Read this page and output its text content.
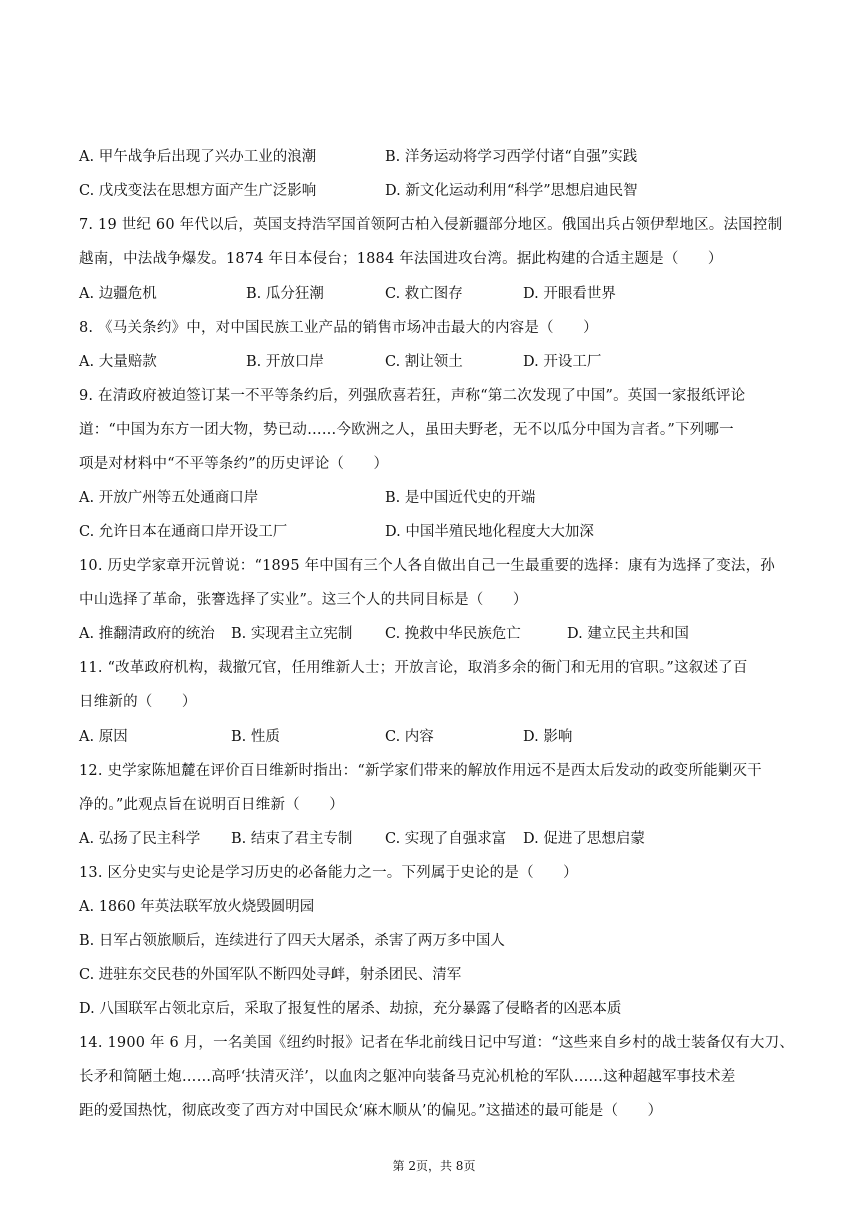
A. 甲午战争后出现了兴办工业的浪潮	B. 洋务运动将学习西学付诸“自强”实践
C. 戊戌变法在思想方面产生广泛影响	D. 新文化运动利用“科学”思想启迪民智
7. 19 世纪 60 年代以后，英国支持浩罕国首领阿古柏入侵新疆部分地区。俄国出兵占领伊犁地区。法国控制
越南，中法战争爆发。1874 年日本侵台；1884 年法国进攻台湾。据此构建的合适主题是（　　）
A. 边疆危机	B. 瓜分狂潮	C. 救亡图存	D. 开眼看世界
8. 《马关条约》中，对中国民族工业产品的销售市场冲击最大的内容是（　　）
A. 大量赔款	B. 开放口岸	C. 割让领土	D. 开设工厂
9. 在清政府被迫签订某一不平等条约后，列强欣喜若狂，声称“第二次发现了中国”。英国一家报纸评论
道：“中国为东方一团大物，势已动……今欧洲之人，虽田夫野老，无不以瓜分中国为言者。”下列哪一
项是对材料中“不平等条约”的历史评论（　　）
A. 开放广州等五处通商口岸	B. 是中国近代史的开端
C. 允许日本在通商口岸开设工厂	D. 中国半殖民地化程度大大加深
10. 历史学家章开沅曾说：“1895 年中国有三个人各自做出自己一生最重要的选择：康有为选择了变法，孙
中山选择了革命，张謇选择了实业”。这三个人的共同目标是（　　）
A. 推翻清政府的统治 B. 实现君主立宪制 C. 挽救中华民族危亡	D. 建立民主共和国
11. “改革政府机构，裁撤冗官，任用维新人士；开放言论，取消多余的衙门和无用的官职。”这叙述了百
日维新的（　　）
A. 原因	B. 性质	C. 内容	D. 影响
12. 史学家陈旭麓在评价百日维新时指出：“新学家们带来的解放作用远不是西太后发动的政变所能剿灭干
净的。”此观点旨在说明百日维新（　　）
A. 弘扬了民主科学 B. 结束了君主专制 C. 实现了自强求富 D. 促进了思想启蒙
13. 区分史实与史论是学习历史的必备能力之一。下列属于史论的是（　　）
A. 1860 年英法联军放火烧毁圆明园
B. 日军占领旅顺后，连续进行了四天大屠杀，杀害了两万多中国人
C. 进驻东交民巷的外国军队不断四处寻衅，射杀团民、清军
D. 八国联军占领北京后，采取了报复性的屠杀、劫掠，充分暴露了侵略者的凶恶本质
14. 1900 年 6 月，一名美国《纽约时报》记者在华北前线日记中写道：“这些来自乡村的战士装备仅有大刀、
长矛和简陋土炮……高呼‘扶清灭洋’，以血肉之躯冲向装备马克沁机枪的军队……这种超越军事技术差
距的爱国热忱，彻底改变了西方对中国民众‘麻木顺从’的偏见。”这描述的最可能是（　　）
第 2页，共 8页
